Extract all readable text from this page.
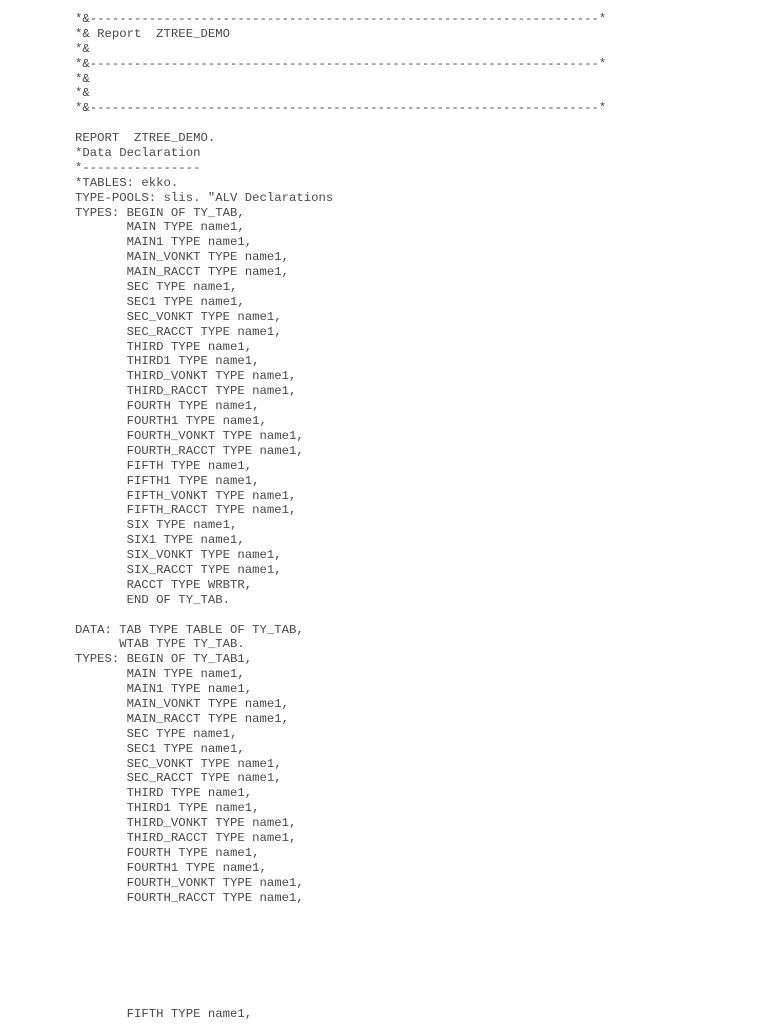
*&---------------------------------------------------------------------*
*& Report  ZTREE_DEMO
*&
*&---------------------------------------------------------------------*
*&
*&
*&---------------------------------------------------------------------*
REPORT  ZTREE_DEMO.
*Data Declaration
*----------------
*TABLES: ekko.
TYPE-POOLS: slis. "ALV Declarations
TYPES: BEGIN OF TY_TAB,
MAIN TYPE name1,
MAIN1 TYPE name1,
MAIN_VONKT TYPE name1,
MAIN_RACCT TYPE name1,
SEC TYPE name1,
SEC1 TYPE name1,
SEC_VONKT TYPE name1,
SEC_RACCT TYPE name1,
THIRD TYPE name1,
THIRD1 TYPE name1,
THIRD_VONKT TYPE name1,
THIRD_RACCT TYPE name1,
FOURTH TYPE name1,
FOURTH1 TYPE name1,
FOURTH_VONKT TYPE name1,
FOURTH_RACCT TYPE name1,
FIFTH TYPE name1,
FIFTH1 TYPE name1,
FIFTH_VONKT TYPE name1,
FIFTH_RACCT TYPE name1,
SIX TYPE name1,
SIX1 TYPE name1,
SIX_VONKT TYPE name1,
SIX_RACCT TYPE name1,
RACCT TYPE WRBTR,
END OF TY_TAB.
DATA: TAB TYPE TABLE OF TY_TAB,
WTAB TYPE TY_TAB.
TYPES: BEGIN OF TY_TAB1,
MAIN TYPE name1,
MAIN1 TYPE name1,
MAIN_VONKT TYPE name1,
MAIN_RACCT TYPE name1,
SEC TYPE name1,
SEC1 TYPE name1,
SEC_VONKT TYPE name1,
SEC_RACCT TYPE name1,
THIRD TYPE name1,
THIRD1 TYPE name1,
THIRD_VONKT TYPE name1,
THIRD_RACCT TYPE name1,
FOURTH TYPE name1,
FOURTH1 TYPE name1,
FOURTH_VONKT TYPE name1,
FOURTH_RACCT TYPE name1,
FIFTH TYPE name1,
